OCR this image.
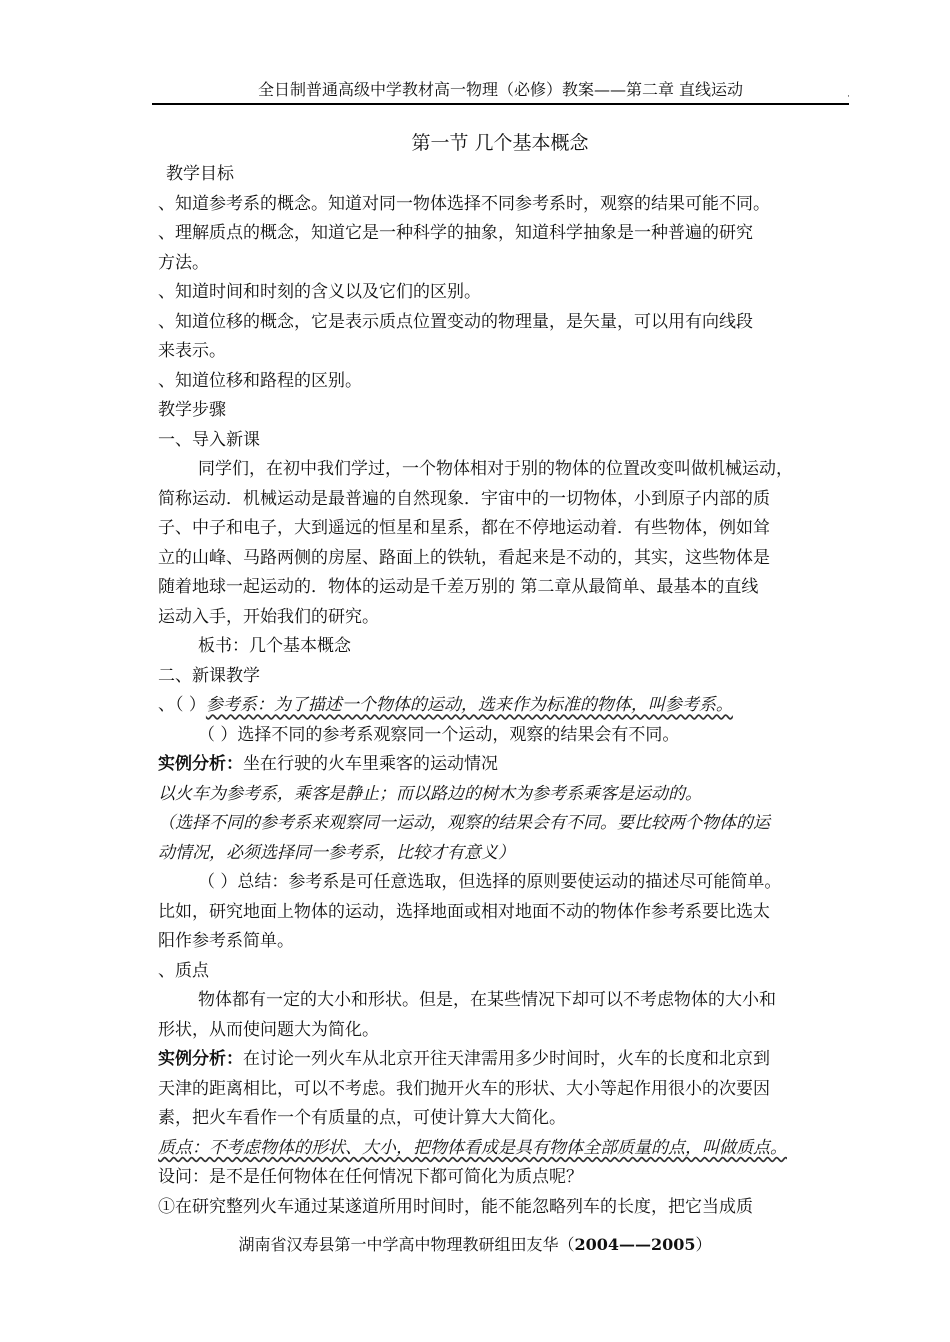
全日制普通高级中学教材高一物理（必修）教案——第二章 直线运动
˙
第一节 几个基本概念
教学目标
、知道参考系的概念。知道对同一物体选择不同参考系时，观察的结果可能不同。
、理解质点的概念，知道它是一种科学的抽象，知道科学抽象是一种普遍的研究
方法。
、知道时间和时刻的含义以及它们的区别。
、知道位移的概念，它是表示质点位置变动的物理量，是矢量，可以用有向线段
来表示。
、知道位移和路程的区别。
教学步骤
一、导入新课
同学们，在初中我们学过，一个物体相对于别的物体的位置改变叫做机械运动，
简称运动．机械运动是最普遍的自然现象．宇宙中的一切物体，小到原子内部的质
子、中子和电子，大到遥远的恒星和星系，都在不停地运动着．有些物体，例如耸
立的山峰、马路两侧的房屋、路面上的铁轨，看起来是不动的，其实，这些物体是
随着地球一起运动的．物体的运动是千差万别的 第二章从最简单、最基本的直线
运动入手，开始我们的研究。
板书：几个基本概念
二、新课教学
、（ ）参考系：为了描述一个物体的运动，选来作为标准的物体，叫参考系。
（ ）选择不同的参考系观察同一个运动，观察的结果会有不同。
实例分析：坐在行驶的火车里乘客的运动情况
以火车为参考系，乘客是静止；而以路边的树木为参考系乘客是运动的。
（选择不同的参考系来观察同一运动，观察的结果会有不同。要比较两个物体的运
动情况，必须选择同一参考系，比较才有意义）
（ ）总结：参考系是可任意选取，但选择的原则要使运动的描述尽可能简单。
比如，研究地面上物体的运动，选择地面或相对地面不动的物体作参考系要比选太
阳作参考系简单。
、质点
物体都有一定的大小和形状。但是，在某些情况下却可以不考虑物体的大小和
形状，从而使问题大为简化。
实例分析：在讨论一列火车从北京开往天津需用多少时间时，火车的长度和北京到
天津的距离相比，可以不考虑。我们抛开火车的形状、大小等起作用很小的次要因
素，把火车看作一个有质量的点，可使计算大大简化。
质点：不考虑物体的形状、大小，把物体看成是具有物体全部质量的点，叫做质点。
设问：是不是任何物体在任何情况下都可简化为质点呢？
①在研究整列火车通过某遂道所用时间时，能不能忽略列车的长度，把它当成质
湖南省汉寿县第一中学高中物理教研组田友华（2004——2005）
